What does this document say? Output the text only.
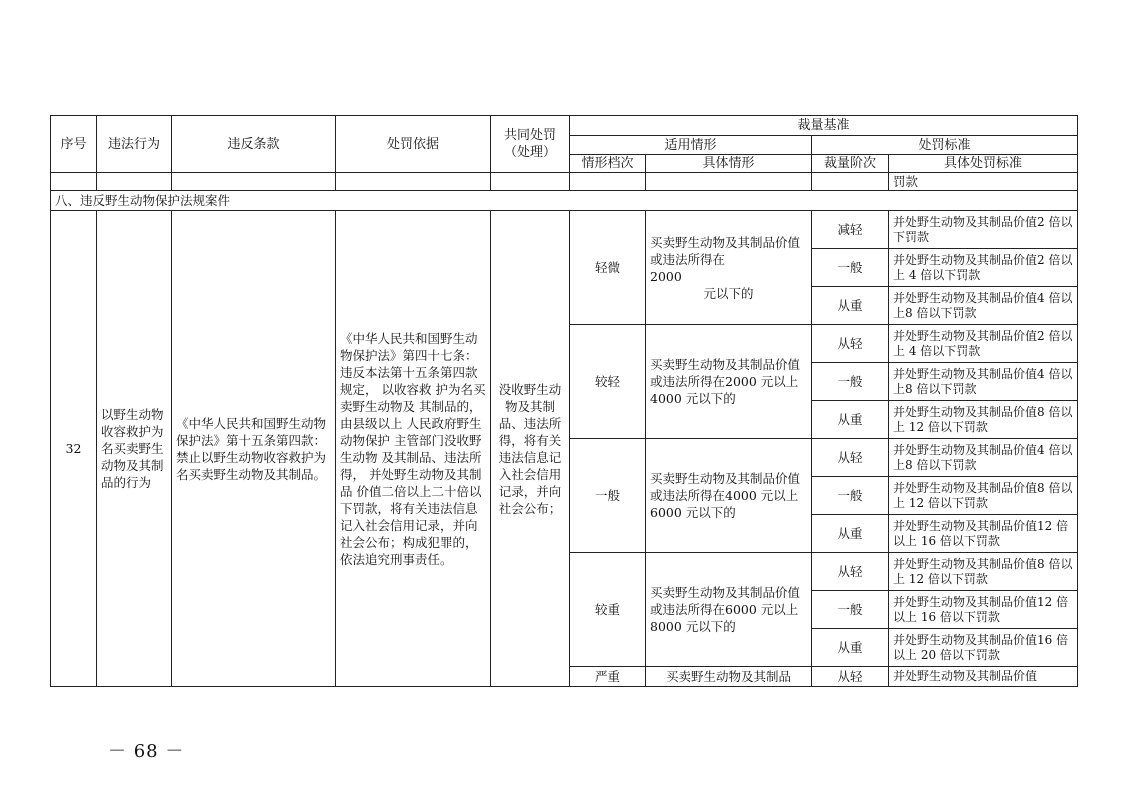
序号	违法行为	违反条款	处罚依据	共同处罚（处理）	裁量基准			
					适用情形		处罚标准	
					情形档次	具体情形	裁量阶次	具体处罚标准
								罚款
八、违反野生动物保护法规案件								
32	以野生动物收容救护为名买卖野生动物及其制品的行为	《中华人民共和国野生动物保护法》第十五条第四款：禁止以野生动物收容救护为名买卖野生动物及其制品。	《中华人民共和国野生动物保护法》第四十七条：违反本法第十五条第四款规定， 以收容救 护为名买卖野生动物及 其制品的，由县级以上 人民政府野生动物保护 主管部门没收野生动物 及其制品、违法所得， 并处野生动物及其制品 价值二倍以上二十倍以 下罚款，将有关违法信息记入社会信用记录，并向社会公布；构成犯罪的，依法追究刑事责任。	没收野生动物及其制品、违法所得，将有关违法信息记入社会信用记录，并向社会公布；	轻微	买卖野生动物及其制品价值或违法所得在
2000
元以下的	减轻	并处野生动物及其制品价值2 倍以下罚款
							一般	并处野生动物及其制品价值2 倍以上 4 倍以下罚款
							从重	并处野生动物及其制品价值4 倍以上8 倍以下罚款
					较轻	买卖野生动物及其制品价值或违法所得在2000 元以上 4000 元以下的	从轻	并处野生动物及其制品价值2 倍以上 4 倍以下罚款
							一般	并处野生动物及其制品价值4 倍以上8 倍以下罚款
							从重	并处野生动物及其制品价值8 倍以上 12 倍以下罚款
					一般	买卖野生动物及其制品价值或违法所得在4000 元以上 6000 元以下的	从轻	并处野生动物及其制品价值4 倍以上8 倍以下罚款
							一般	并处野生动物及其制品价值8 倍以上 12 倍以下罚款
							从重	并处野生动物及其制品价值12 倍以上 16 倍以下罚款
					较重	买卖野生动物及其制品价值或违法所得在6000 元以上 8000 元以下的	从轻	并处野生动物及其制品价值8 倍以上 12 倍以下罚款
							一般	并处野生动物及其制品价值12 倍以上 16 倍以下罚款
							从重	并处野生动物及其制品价值16 倍以上 20 倍以下罚款
					严重	买卖野生动物及其制品	从轻	并处野生动物及其制品价值
－ 68 －
